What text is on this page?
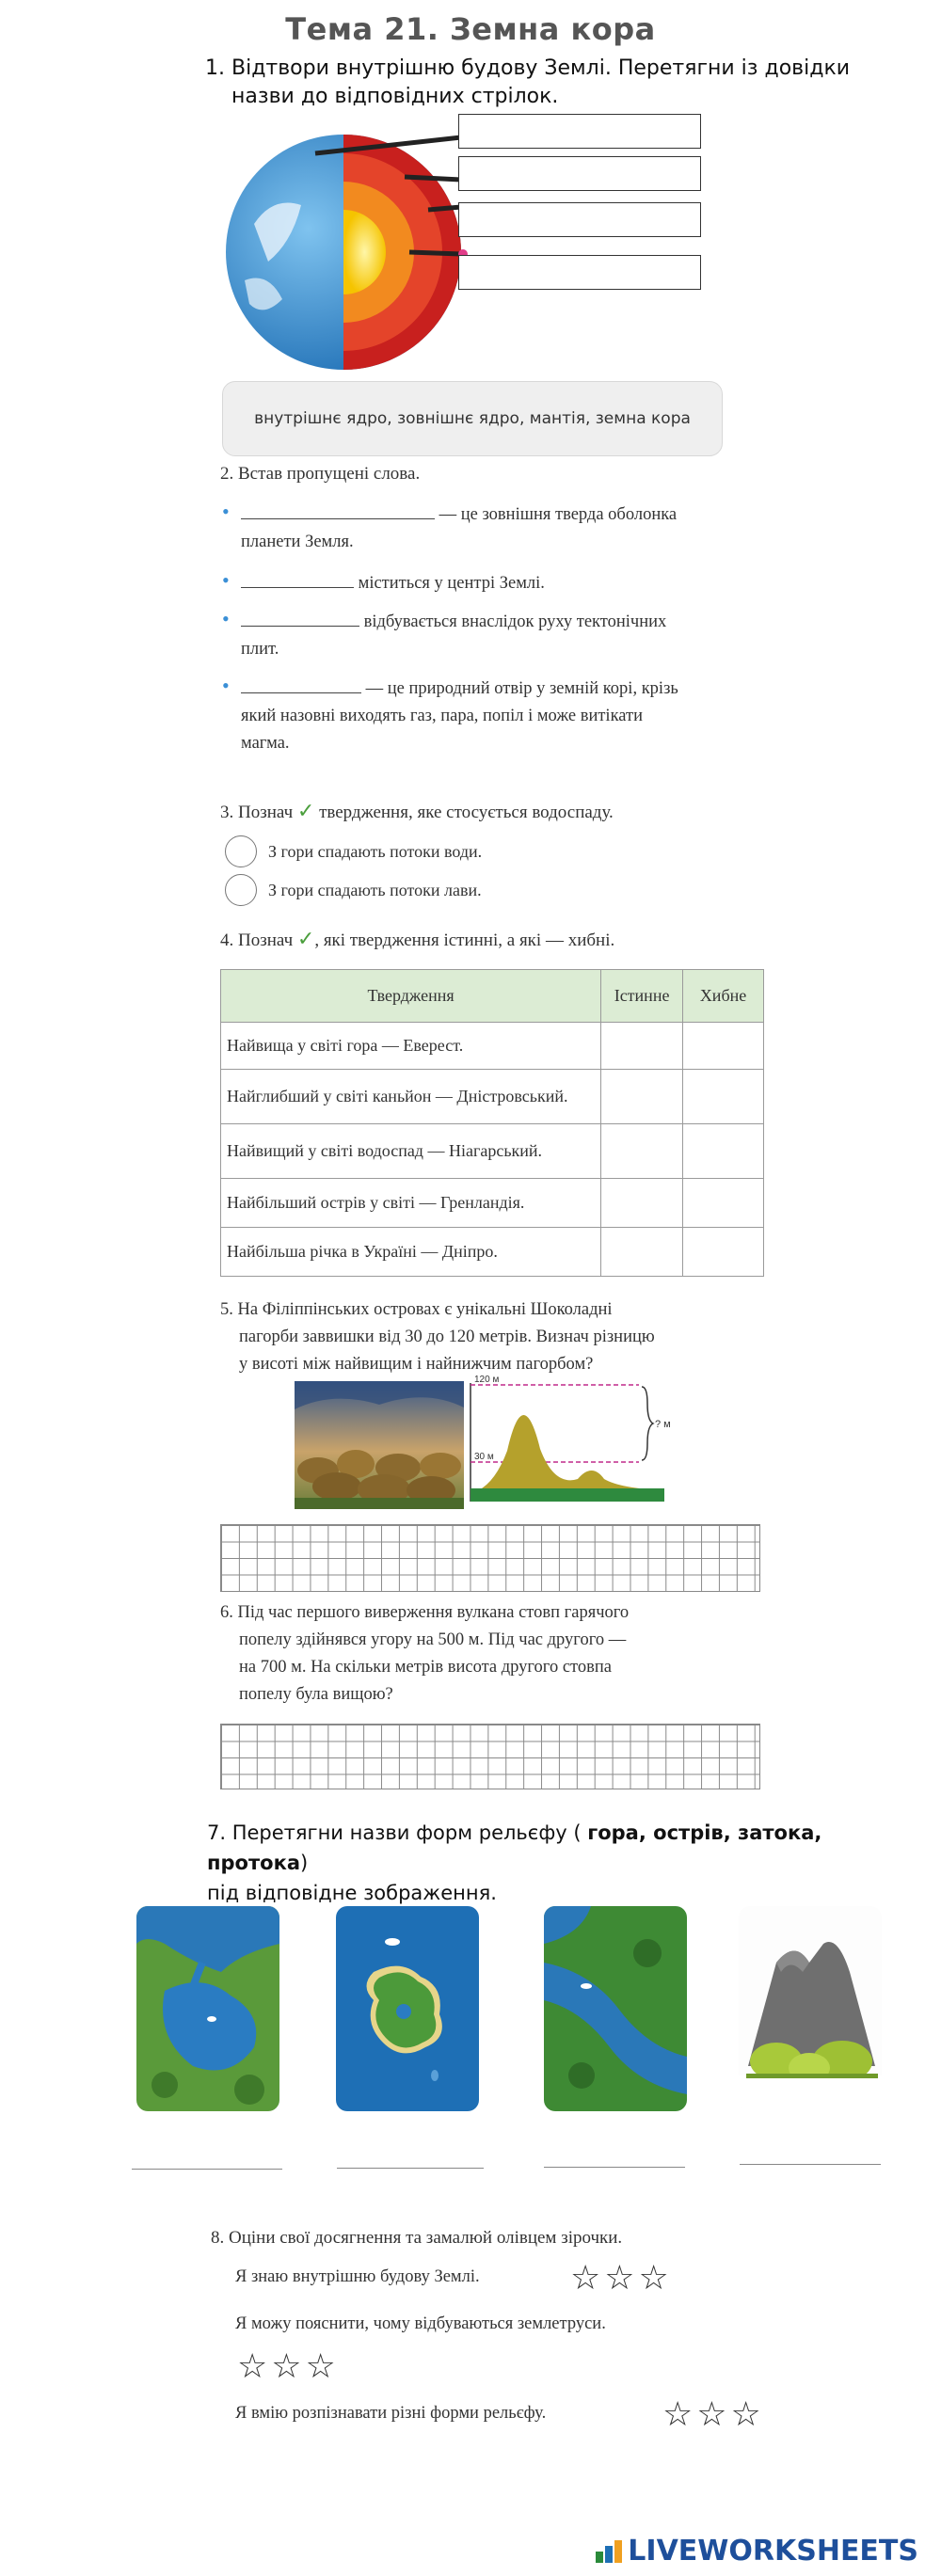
Тема 21. Земна кора
1. Відтвори внутрішню будову Землі. Перетягни із довідки
назви до відповідних стрілок.
внутрішнє ядро, зовнішнє ядро, мантія, земна кора
2. Встав пропущені слова.
•	— це зовнішня тверда оболонка
планети Земля.
•	міститься у центрі Землі.
•	відбувається внаслідок руху тектонічних
плит.
•	— це природний отвір у земній корі, крізь
який назовні виходять газ, пара, попіл і може витікати
магма.
3. Познач ✓ твердження, яке стосується водоспаду.
З гори спадають потоки води.
З гори спадають потоки лави.
4. Познач ✓, які твердження істинні, а які — хибні.
Твердження	Істинне	Хибне
Найвища у світі гора — Еверест.		
Найглибший у світі каньйон — Дністровський.		
Найвищий у світі водоспад — Ніагарський.		
Найбільший острів у світі — Гренландія.		
Найбільша річка в Україні — Дніпро.		
5. На Філіппінських островах є унікальні Шоколадні
пагорби заввишки від 30 до 120 метрів. Визнач різницю
у висоті між найвищим і найнижчим пагорбом?
120 м
30 м
? м
6. Під час першого виверження вулкана стовп гарячого
попелу здійнявся угору на 500 м. Під час другого —
на 700 м. На скільки метрів висота другого стовпа
попелу була вищою?
7. Перетягни назви форм рельєфу ( гора, острів, затока, протока)
під відповідне зображення.
8. Оціни свої досягнення та замалюй олівцем зірочки.
Я знаю внутрішню будову Землі.	☆☆☆
Я можу пояснити, чому відбуваються землетруси.
☆☆☆
Я вмію розпізнавати різні форми рельєфу.	☆☆☆
LIVEWORKSHEETS
